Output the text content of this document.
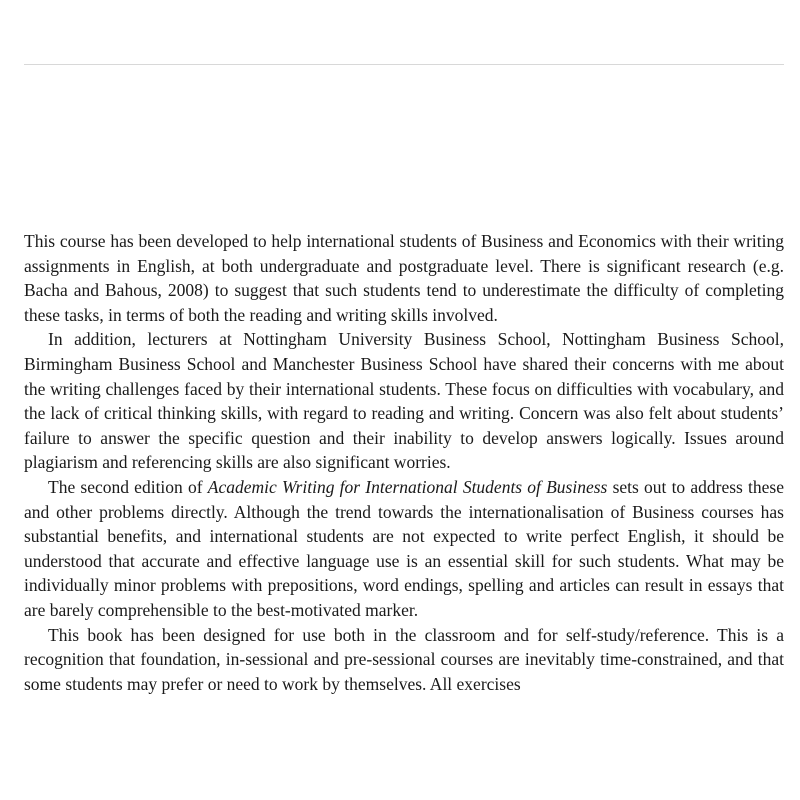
This course has been developed to help international students of Business and Economics with their writing assignments in English, at both undergraduate and postgraduate level. There is significant research (e.g. Bacha and Bahous, 2008) to suggest that such students tend to underestimate the difficulty of completing these tasks, in terms of both the reading and writing skills involved.

In addition, lecturers at Nottingham University Business School, Nottingham Business School, Birmingham Business School and Manchester Business School have shared their concerns with me about the writing challenges faced by their international students. These focus on difficulties with vocabulary, and the lack of critical thinking skills, with regard to reading and writing. Concern was also felt about students’ failure to answer the specific question and their inability to develop answers logically. Issues around plagiarism and referencing skills are also significant worries.

The second edition of Academic Writing for International Students of Business sets out to address these and other problems directly. Although the trend towards the internationalisation of Business courses has substantial benefits, and international students are not expected to write perfect English, it should be understood that accurate and effective language use is an essential skill for such students. What may be individually minor problems with prepositions, word endings, spelling and articles can result in essays that are barely comprehensible to the best-motivated marker.

This book has been designed for use both in the classroom and for self-study/reference. This is a recognition that foundation, in-sessional and pre-sessional courses are inevitably time-constrained, and that some students may prefer or need to work by themselves. All exercises
